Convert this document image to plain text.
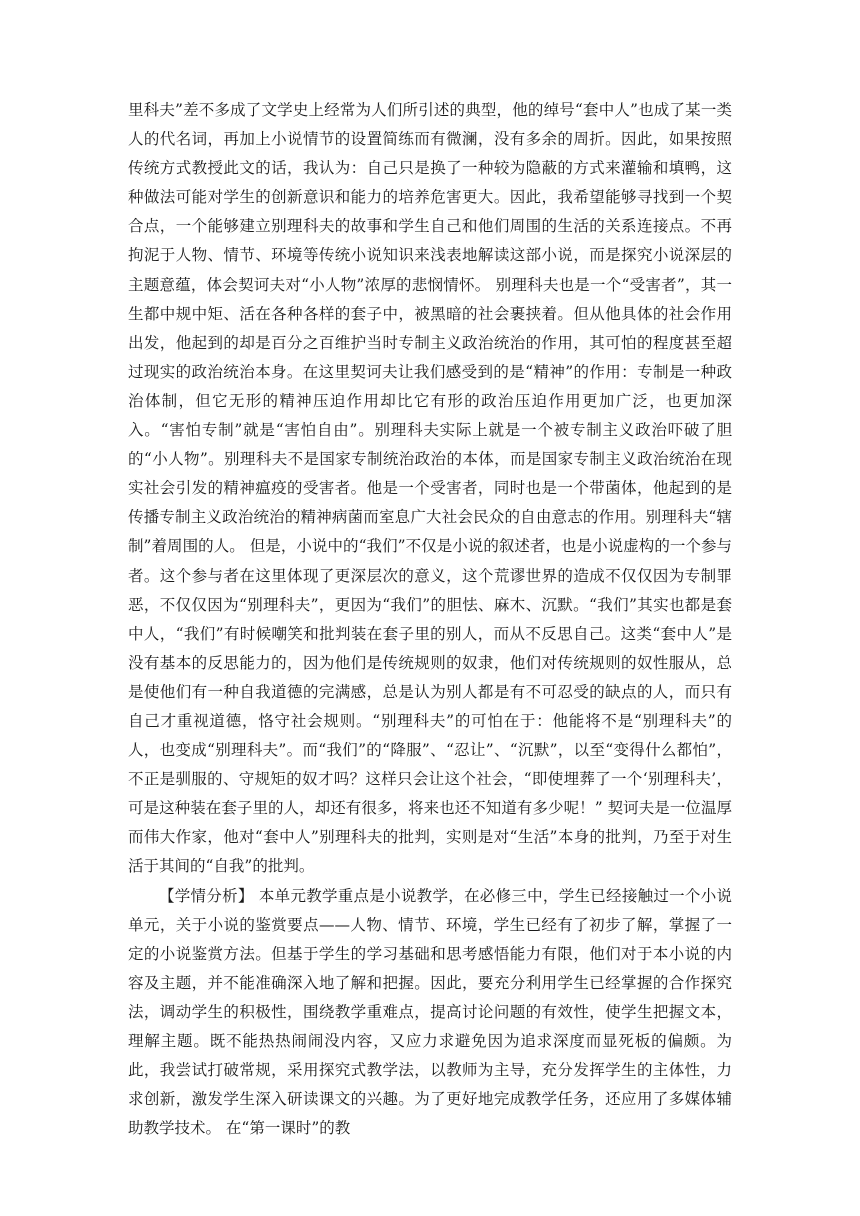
里科夫”差不多成了文学史上经常为人们所引述的典型，他的绰号“套中人”也成了某一类人的代名词，再加上小说情节的设置简练而有微澜，没有多余的周折。因此，如果按照传统方式教授此文的话，我认为：自己只是换了一种较为隐蔽的方式来灌输和填鸭，这种做法可能对学生的创新意识和能力的培养危害更大。因此，我希望能够寻找到一个契合点，一个能够建立别理科夫的故事和学生自己和他们周围的生活的关系连接点。不再拘泥于人物、情节、环境等传统小说知识来浅表地解读这部小说，而是探究小说深层的主题意蕴，体会契诃夫对“小人物”浓厚的悲悯情怀。 别理科夫也是一个“受害者”，其一生都中规中矩、活在各种各样的套子中，被黑暗的社会裹挟着。但从他具体的社会作用出发，他起到的却是百分之百维护当时专制主义政治统治的作用，其可怕的程度甚至超过现实的政治统治本身。在这里契诃夫让我们感受到的是“精神”的作用：专制是一种政治体制，但它无形的精神压迫作用却比它有形的政治压迫作用更加广泛，也更加深入。“害怕专制”就是“害怕自由”。别理科夫实际上就是一个被专制主义政治吓破了胆的“小人物”。别理科夫不是国家专制统治政治的本体，而是国家专制主义政治统治在现实社会引发的精神瘟疫的受害者。他是一个受害者，同时也是一个带菌体，他起到的是传播专制主义政治统治的精神病菌而室息广大社会民众的自由意志的作用。别理科夫“辖制”着周围的人。 但是，小说中的“我们”不仅是小说的叙述者，也是小说虚构的一个参与者。这个参与者在这里体现了更深层次的意义，这个荒谬世界的造成不仅仅因为专制罪恶，不仅仅因为“别理科夫”，更因为“我们”的胆怯、麻木、沉默。“我们”其实也都是套中人，“我们”有时候嘲笑和批判装在套子里的别人，而从不反思自己。这类“套中人”是没有基本的反思能力的，因为他们是传统规则的奴隶，他们对传统规则的奴性服从，总是使他们有一种自我道德的完满感，总是认为别人都是有不可忍受的缺点的人，而只有自己才重视道德，恪守社会规则。“别理科夫”的可怕在于：他能将不是“别理科夫”的人，也变成“别理科夫”。而“我们”的“降服”、“忍让”、“沉默”，以至“变得什么都怕”，不正是驯服的、守规矩的奴才吗？这样只会让这个社会，“即使埋葬了一个‘别理科夫’，可是这种装在套子里的人，却还有很多，将来也还不知道有多少呢！” 契诃夫是一位温厚而伟大作家，他对“套中人”别理科夫的批判，实则是对“生活”本身的批判，乃至于对生活于其间的“自我”的批判。

【学情分析】 本单元教学重点是小说教学，在必修三中，学生已经接触过一个小说单元，关于小说的鉴赏要点——人物、情节、环境，学生已经有了初步了解，掌握了一定的小说鉴赏方法。但基于学生的学习基础和思考感悟能力有限，他们对于本小说的内容及主题，并不能准确深入地了解和把握。因此，要充分利用学生已经掌握的合作探究法，调动学生的积极性，围绕教学重难点，提高讨论问题的有效性，使学生把握文本，理解主题。既不能热热闹闹没内容，又应力求避免因为追求深度而显死板的偏颇。为此，我尝试打破常规，采用探究式教学法，以教师为主导，充分发挥学生的主体性，力求创新，激发学生深入研读课文的兴趣。为了更好地完成教学任务，还应用了多媒体辅助教学技术。 在“第一课时”的教
